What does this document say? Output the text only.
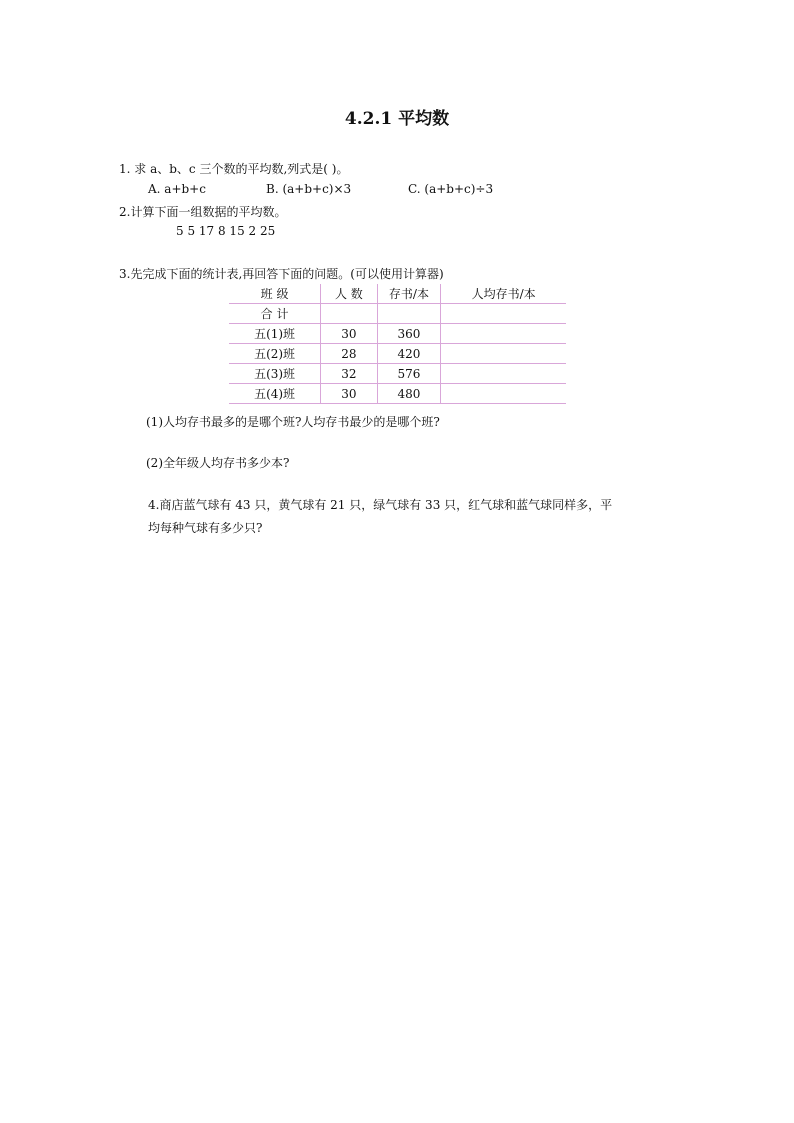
4.2.1 平均数
1. 求 a、b、c 三个数的平均数,列式是( )。
A. a+b+c	B. (a+b+c)×3	C. (a+b+c)÷3
2.计算下面一组数据的平均数。
5 5 17 8 15 2 25
3.先完成下面的统计表,再回答下面的问题。(可以使用计算器)
班 级	人 数	存书/本	人均存书/本
合 计			
五(1)班	30	360	
五(2)班	28	420	
五(3)班	32	576	
五(4)班	30	480	
(1)人均存书最多的是哪个班?人均存书最少的是哪个班?
(2)全年级人均存书多少本?
4.商店蓝气球有 43 只，黄气球有 21 只，绿气球有 33 只，红气球和蓝气球同样多，平
均每种气球有多少只?
